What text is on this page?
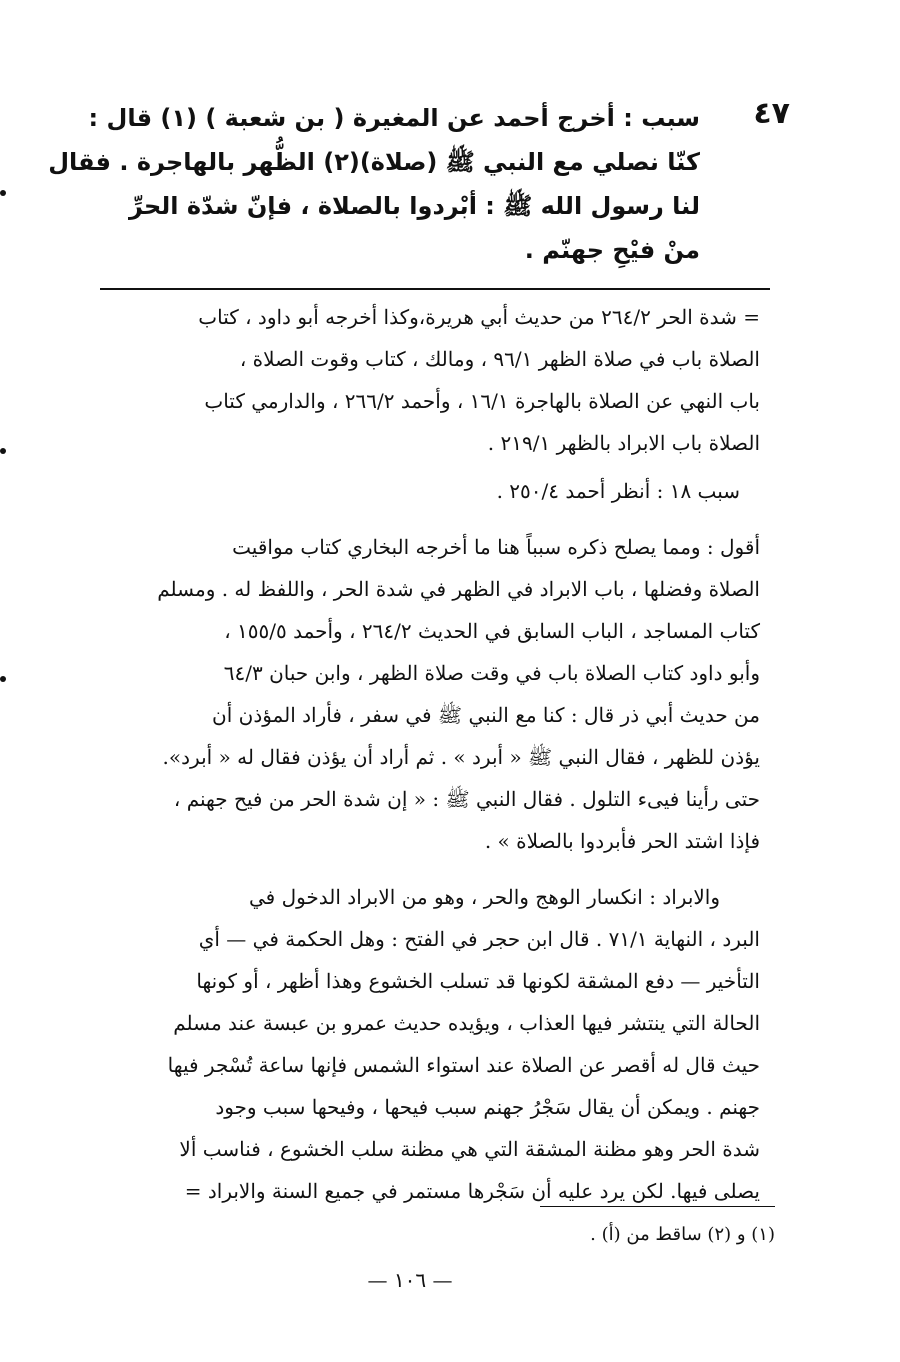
٤٧
سبب : أخرج أحمد عن المغيرة ( بن شعبة ) (١) قال :
كنّا نصلي مع النبي ﷺ (صلاة)(٢) الظُّهر بالهاجرة . فقال
لنا رسول الله ﷺ : أبْردوا بالصلاة ، فإنّ شدّة الحرِّ
منْ فيْحِ جهنّم .
= شدة الحر ٢٦٤/٢ من حديث أبي هريرة،وكذا أخرجه أبو داود ، كتاب
الصلاة باب في صلاة الظهر ٩٦/١ ، ومالك ، كتاب وقوت الصلاة ،
باب النهي عن الصلاة بالهاجرة ١٦/١ ، وأحمد ٢٦٦/٢ ، والدارمي كتاب
الصلاة باب الابراد بالظهر ٢١٩/١ .
سبب ١٨ : أنظر أحمد ٢٥٠/٤ .
أقول : ومما يصلح ذكره سبباً هنا ما أخرجه البخاري كتاب مواقيت
الصلاة وفضلها ، باب الابراد في الظهر في شدة الحر ، واللفظ له . ومسلم
كتاب المساجد ، الباب السابق في الحديث ٢٦٤/٢ ، وأحمد ١٥٥/٥ ،
وأبو داود كتاب الصلاة باب في وقت صلاة الظهر ، وابن حبان ٦٤/٣
من حديث أبي ذر قال : كنا مع النبي ﷺ في سفر ، فأراد المؤذن أن
يؤذن للظهر ، فقال النبي ﷺ « أبرد » . ثم أراد أن يؤذن فقال له « أبرد».
حتى رأينا فيىء التلول . فقال النبي ﷺ : « إن شدة الحر من فيح جهنم ،
فإذا اشتد الحر فأبردوا بالصلاة » .
والابراد : انكسار الوهج والحر ، وهو من الابراد الدخول في
البرد ، النهاية ٧١/١ . قال ابن حجر في الفتح : وهل الحكمة في — أي
التأخير — دفع المشقة لكونها قد تسلب الخشوع وهذا أظهر ، أو كونها
الحالة التي ينتشر فيها العذاب ، ويؤيده حديث عمرو بن عبسة عند مسلم
حيث قال له أقصر عن الصلاة عند استواء الشمس فإنها ساعة تُسْجر فيها
جهنم . ويمكن أن يقال سَجْرُ جهنم سبب فيحها ، وفيحها سبب وجود
شدة الحر وهو مظنة المشقة التي هي مظنة سلب الخشوع ، فناسب ألا
يصلى فيها. لكن يرد عليه أن سَجْرها مستمر في جميع السنة والابراد =
(١) و (٢) ساقط من (أ) .
— ١٠٦ —
